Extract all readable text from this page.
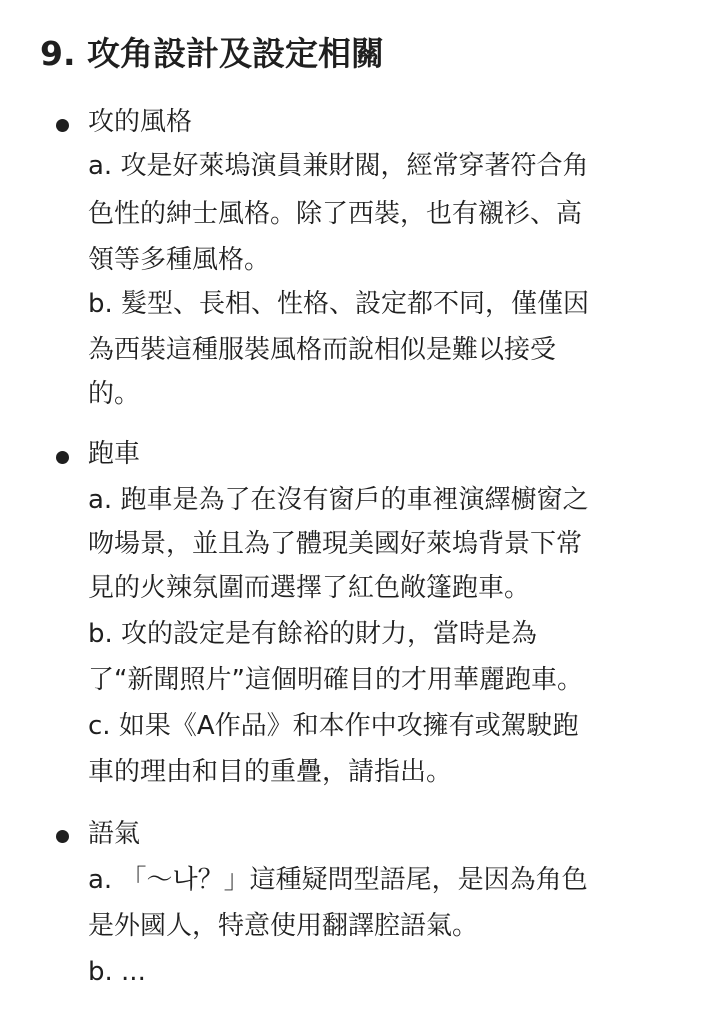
9. 攻角設計及設定相關
攻的風格
a. 攻是好萊塢演員兼財閥，經常穿著符合角
色性的紳士風格。除了西裝，也有襯衫、高
領等多種風格。
b. 髮型、長相、性格、設定都不同，僅僅因
為西裝這種服裝風格而說相似是難以接受
的。
跑車
a. 跑車是為了在沒有窗戶的車裡演繹櫥窗之
吻場景，並且為了體現美國好萊塢背景下常
見的火辣氛圍而選擇了紅色敞篷跑車。
b. 攻的設定是有餘裕的財力，當時是為
了“新聞照片”這個明確目的才用華麗跑車。
c. 如果《A作品》和本作中攻擁有或駕駛跑
車的理由和目的重疊，請指出。
語氣
a. 「～나？」這種疑問型語尾，是因為角色
是外國人，特意使用翻譯腔語氣。
b. ...
